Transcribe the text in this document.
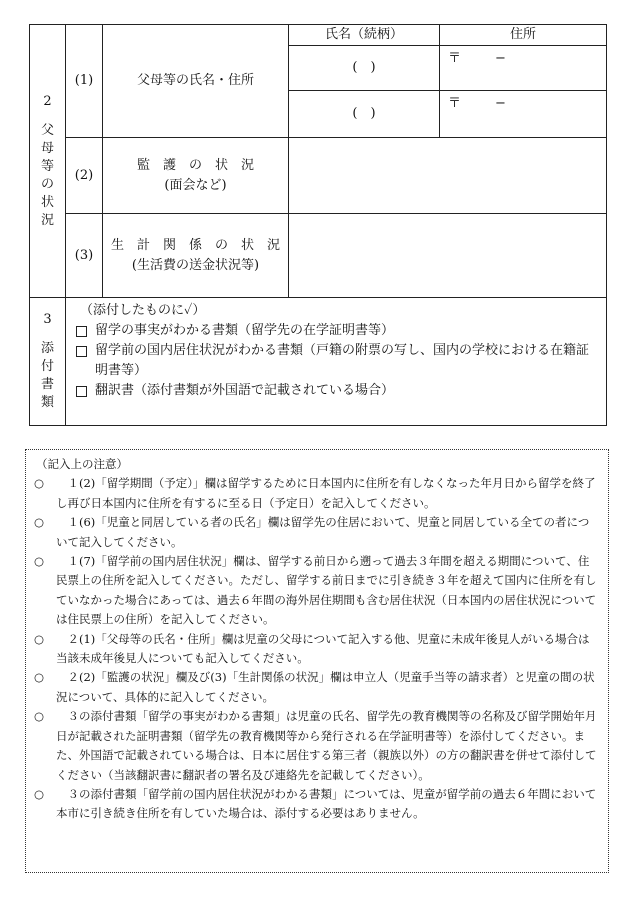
2
父母等の状況	(1)	父母等の氏名・住所	氏名（続柄）	住所
			(　)	〒 −
			(　)	〒 −
	(2)	監　護　の　状　況
(面会など)		

	(3)	生　計　関　係　の　状　況
(生活費の送金状況等)		

3
添付書類	
（添付したものに✓）
留学の事実がわかる書類（留学先の在学証明書等）
留学前の国内居住状況がわかる書類（戸籍の附票の写し、国内の学校における在籍証明書等）
翻訳書（添付書類が外国語で記載されている場合）
（記入上の注意）
○	　１(2)「留学期間（予定）」欄は留学するために日本国内に住所を有しなくなった年月日から留学を終了し再び日本国内に住所を有するに至る日（予定日）を記入してください。
○	　１(6)「児童と同居している者の氏名」欄は留学先の住居において、児童と同居している全ての者について記入してください。
○	　１(7)「留学前の国内居住状況」欄は、留学する前日から遡って過去３年間を超える期間について、住民票上の住所を記入してください。ただし、留学する前日までに引き続き３年を超えて国内に住所を有していなかった場合にあっては、過去６年間の海外居住期間も含む居住状況（日本国内の居住状況については住民票上の住所）を記入してください。
○	　２(1)「父母等の氏名・住所」欄は児童の父母について記入する他、児童に未成年後見人がいる場合は当該未成年後見人についても記入してください。
○	　２(2)「監護の状況」欄及び(3)「生計関係の状況」欄は申立人（児童手当等の請求者）と児童の間の状況について、具体的に記入してください。
○	　３の添付書類「留学の事実がわかる書類」は児童の氏名、留学先の教育機関等の名称及び留学開始年月日が記載された証明書類（留学先の教育機関等から発行される在学証明書等）を添付してください。また、外国語で記載されている場合は、日本に居住する第三者（親族以外）の方の翻訳書を併せて添付してください（当該翻訳書に翻訳者の署名及び連絡先を記載してください）。
○	　３の添付書類「留学前の国内居住状況がわかる書類」については、児童が留学前の過去６年間において本市に引き続き住所を有していた場合は、添付する必要はありません。
